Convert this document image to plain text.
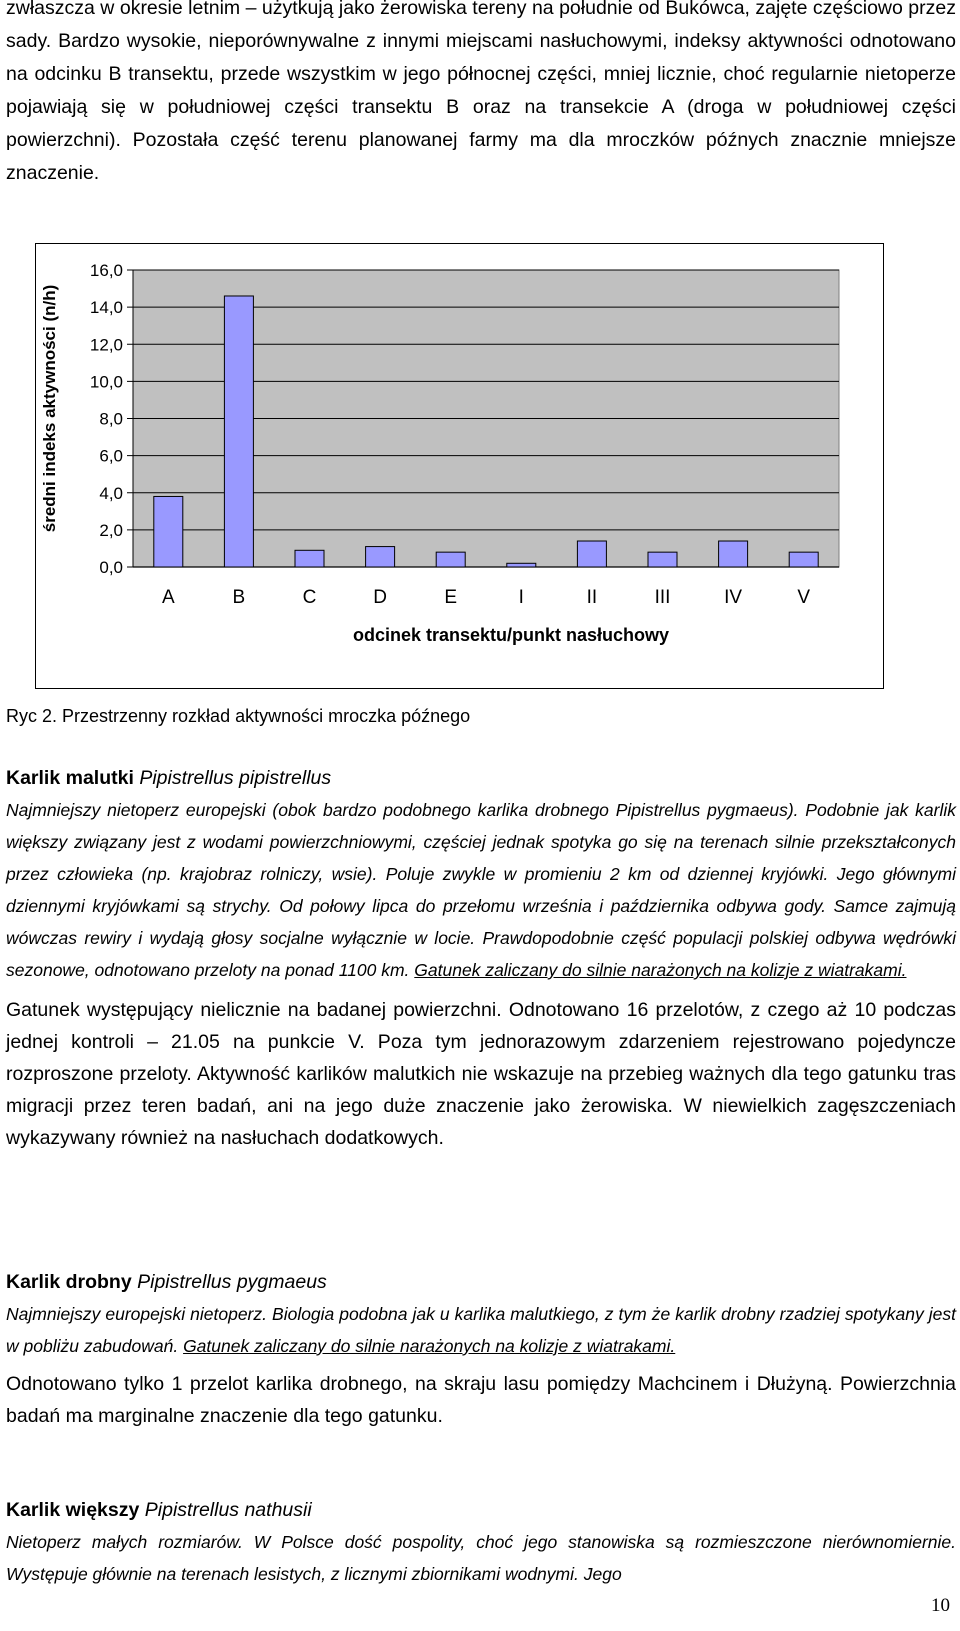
zwłaszcza w okresie letnim – użytkują jako żerowiska tereny na południe od Bukówca, zajęte częściowo przez sady. Bardzo wysokie, nieporównywalne z innymi miejscami nasłuchowymi, indeksy aktywności odnotowano na odcinku B transektu, przede wszystkim w jego północnej części, mniej licznie, choć regularnie nietoperze pojawiają się w południowej części transektu B oraz na transekcie A (droga w południowej części powierzchni). Pozostała część terenu planowanej farmy ma dla mroczków późnych znacznie mniejsze znaczenie.

0,0
2,0
4,0
6,0
8,0
10,0
12,0
14,0
16,0
A	B	C	D	E	I	II	III	IV	V
odcinek transektu/punkt nasłuchowy
średni indeks aktywności (n/h)
Ryc 2. Przestrzenny rozkład aktywności mroczka późnego

Karlik malutki Pipistrellus pipistrellus

Najmniejszy nietoperz europejski (obok bardzo podobnego karlika drobnego Pipistrellus pygmaeus). Podobnie jak karlik większy związany jest z wodami powierzchniowymi, częściej jednak spotyka go się na terenach silnie przekształconych przez człowieka (np. krajobraz rolniczy, wsie). Poluje zwykle w promieniu 2 km od dziennej kryjówki. Jego głównymi dziennymi kryjówkami są strychy. Od połowy lipca do przełomu września i października odbywa gody. Samce zajmują wówczas rewiry i wydają głosy socjalne wyłącznie w locie. Prawdopodobnie część populacji polskiej odbywa wędrówki sezonowe, odnotowano przeloty na ponad 1100 km. Gatunek zaliczany do silnie narażonych na kolizje z wiatrakami.

Gatunek występujący nielicznie na badanej powierzchni. Odnotowano 16 przelotów, z czego aż 10 podczas jednej kontroli – 21.05 na punkcie V. Poza tym jednorazowym zdarzeniem rejestrowano pojedyncze rozproszone przeloty. Aktywność karlików malutkich nie wskazuje na przebieg ważnych dla tego gatunku tras migracji przez teren badań, ani na jego duże znaczenie jako żerowiska. W niewielkich zagęszczeniach wykazywany również na nasłuchach dodatkowych.

Karlik drobny Pipistrellus pygmaeus

Najmniejszy europejski nietoperz. Biologia podobna jak u karlika malutkiego, z tym że karlik drobny rzadziej spotykany jest w pobliżu zabudowań. Gatunek zaliczany do silnie narażonych na kolizje z wiatrakami.

Odnotowano tylko 1 przelot karlika drobnego, na skraju lasu pomiędzy Machcinem i Dłużyną. Powierzchnia badań ma marginalne znaczenie dla tego gatunku.

Karlik większy Pipistrellus nathusii

Nietoperz małych rozmiarów. W Polsce dość pospolity, choć jego stanowiska są rozmieszczone nierównomiernie. Występuje głównie na terenach lesistych, z licznymi zbiornikami wodnymi. Jego

10
